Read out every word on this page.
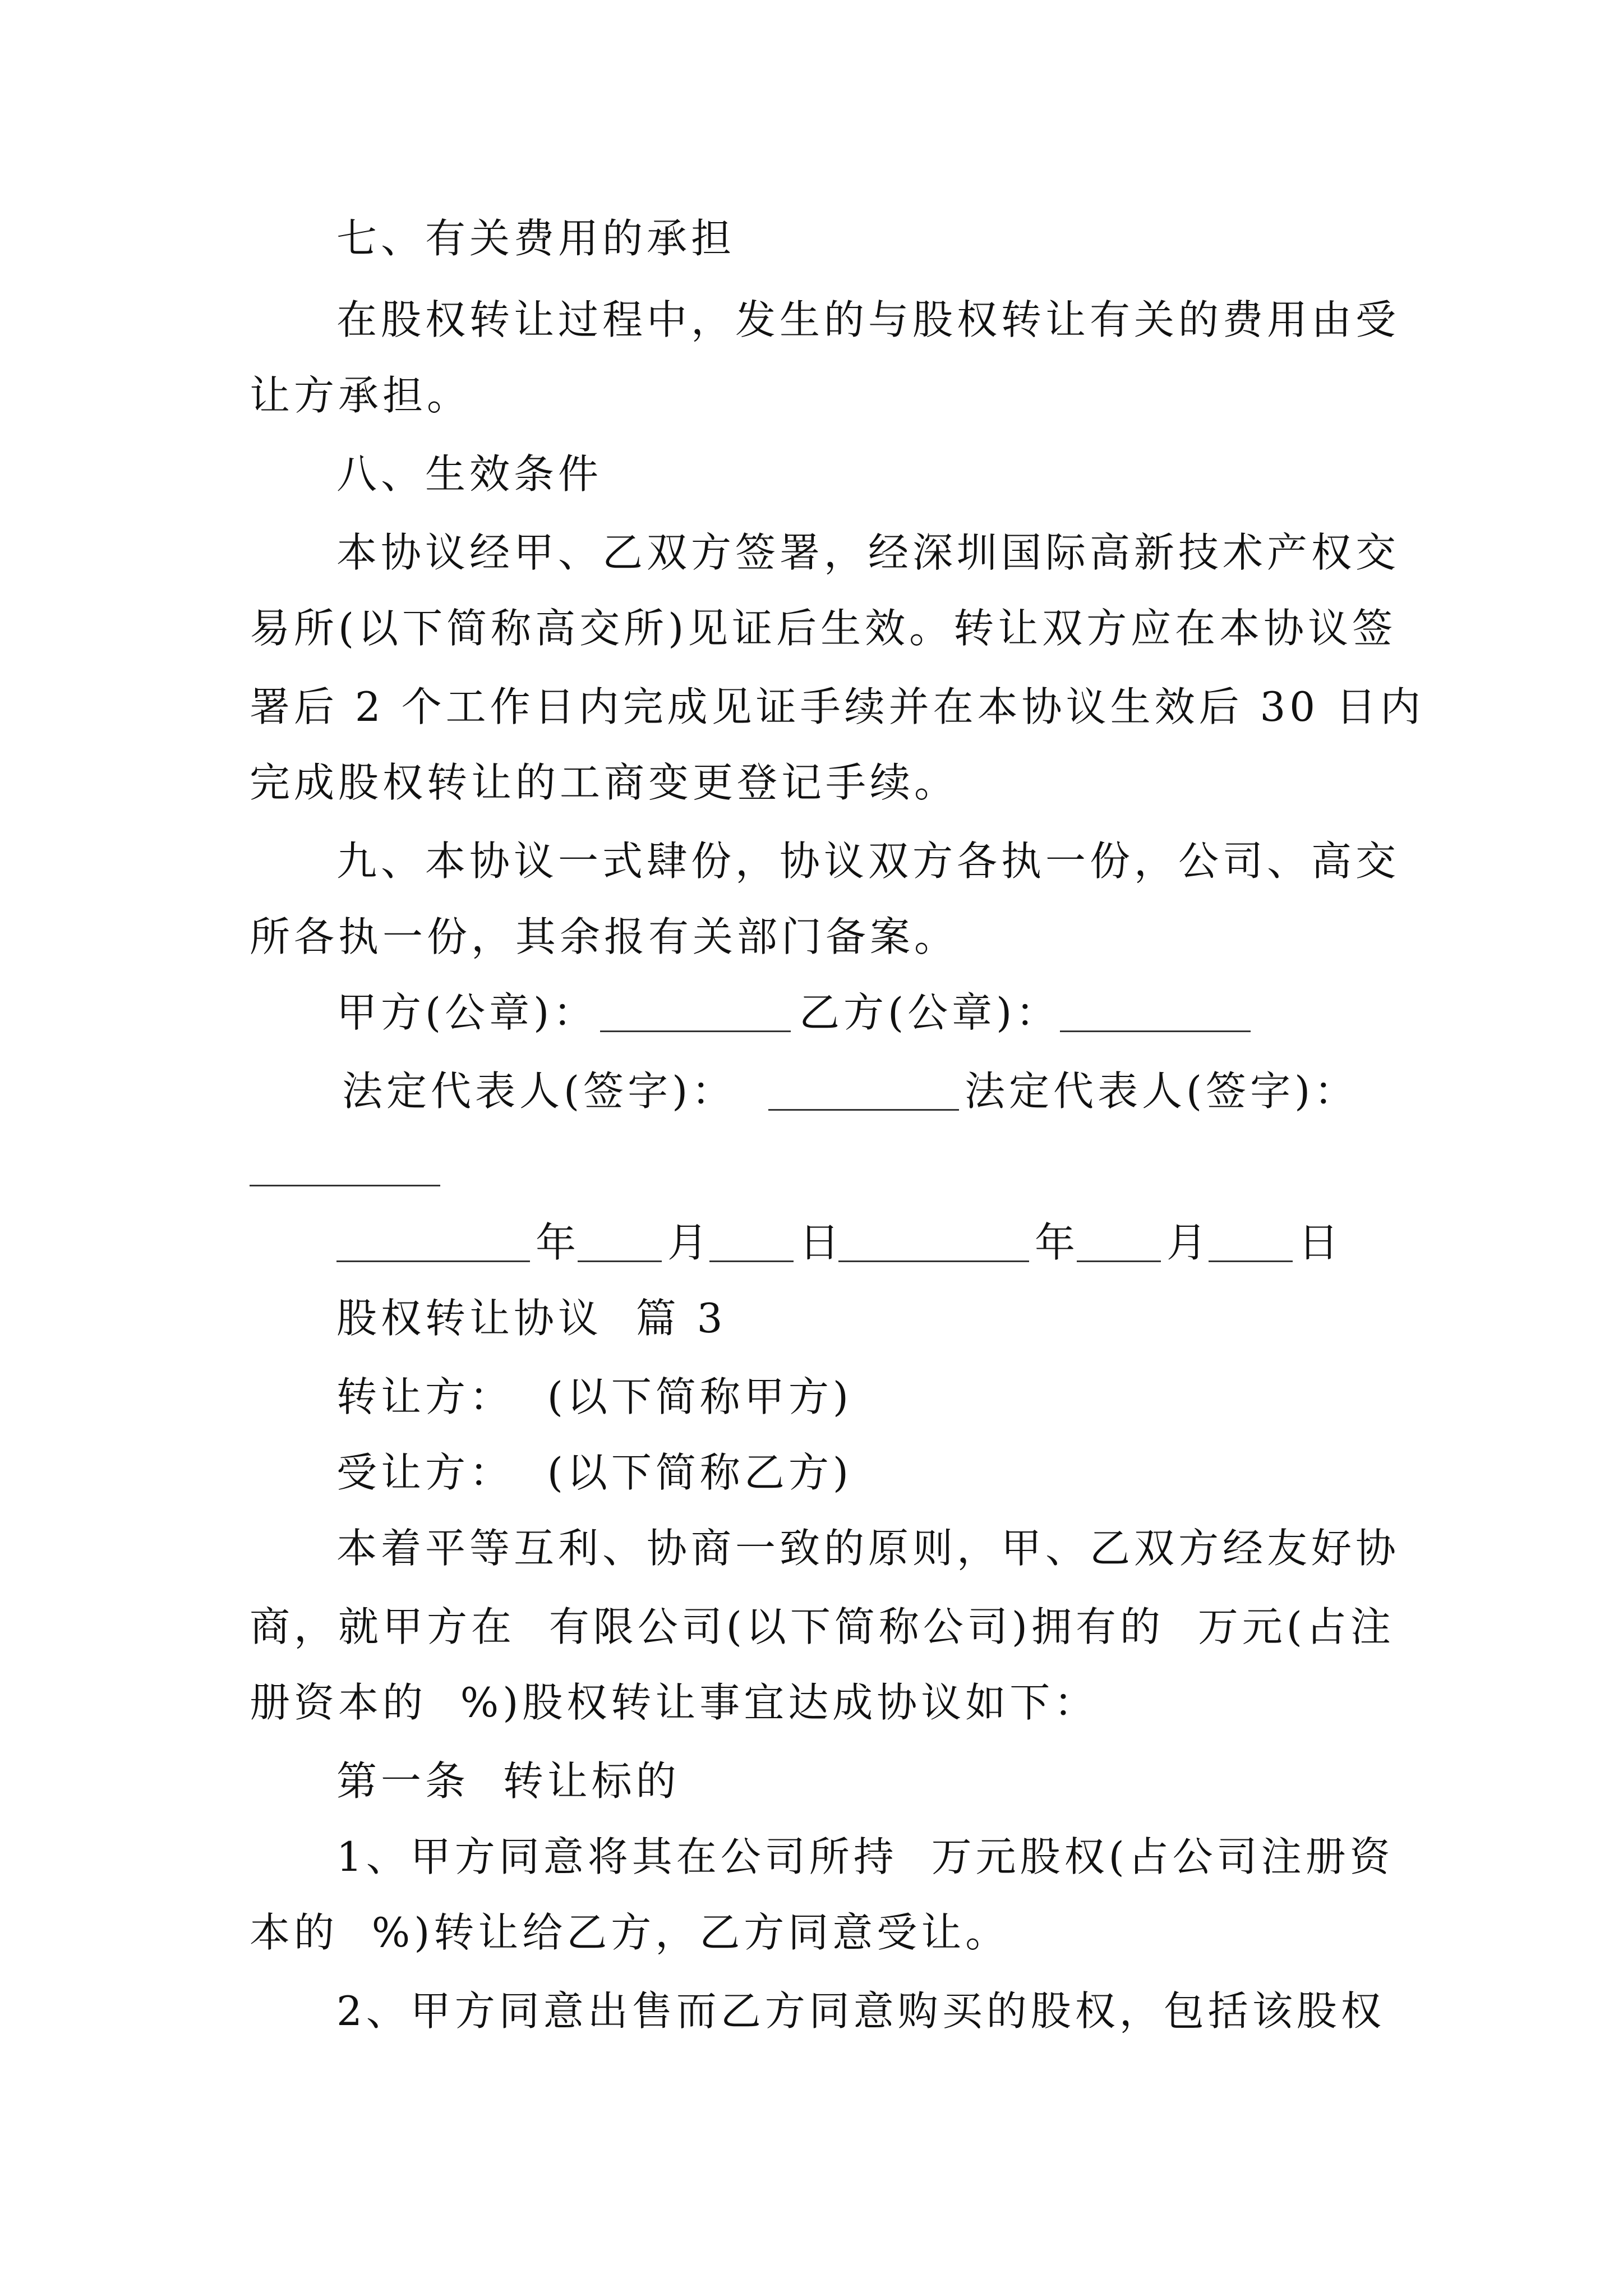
七、有关费用的承担
在股权转让过程中，发生的与股权转让有关的费用由受
让方承担。
八、生效条件
本协议经甲、乙双方签署，经深圳国际高新技术产权交
易所(以下简称高交所)见证后生效。转让双方应在本协议签
署后 2 个工作日内完成见证手续并在本协议生效后 30 日内
完成股权转让的工商变更登记手续。
九、本协议一式肆份，协议双方各执一份，公司、高交
所各执一份，其余报有关部门备案。
甲方(公章)：	乙方(公章)：
法定代表人(签字)：	法定代表人(签字)：
年 月 日	年 月 日
股权转让协议  篇 3
转让方：  (以下简称甲方)
受让方：  (以下简称乙方)
本着平等互利、协商一致的原则，甲、乙双方经友好协
商，就甲方在  有限公司(以下简称公司)拥有的  万元(占注
册资本的  %)股权转让事宜达成协议如下：
第一条  转让标的
1、甲方同意将其在公司所持  万元股权(占公司注册资
本的  %)转让给乙方，乙方同意受让。
2、甲方同意出售而乙方同意购买的股权，包括该股权
